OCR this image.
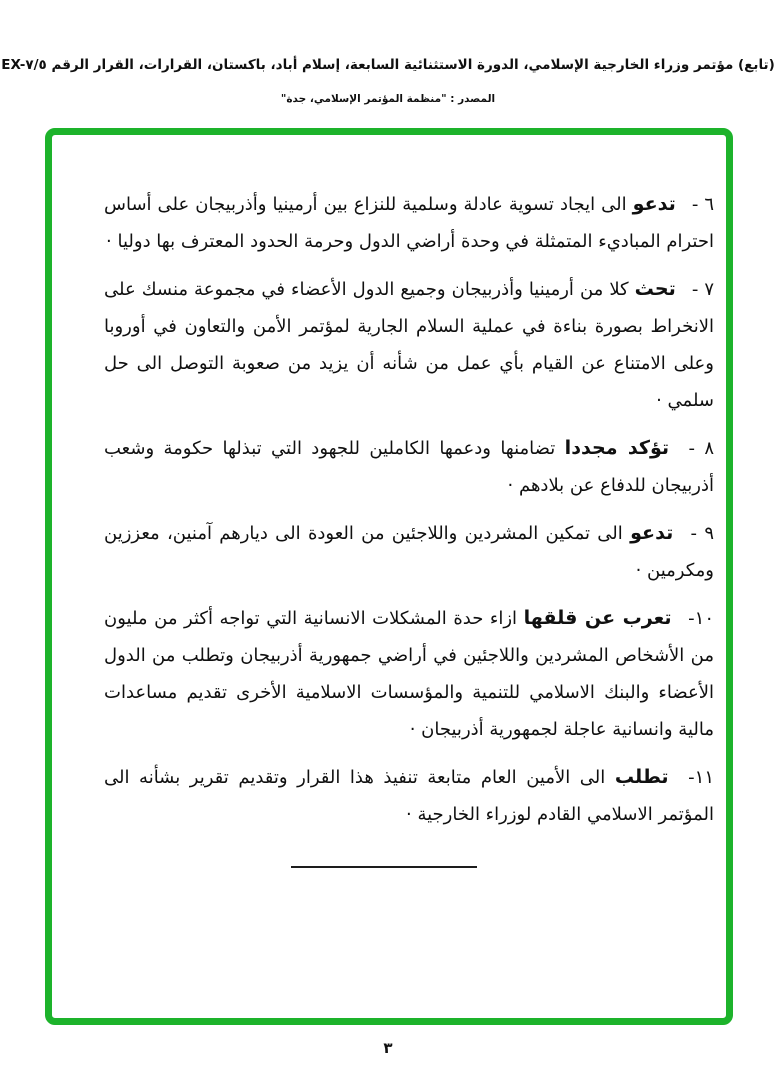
(تابع) مؤتمر وزراء الخارجية الإسلامي، الدورة الاستثنائية السابعة، إسلام أباد، باكستان، القرارات، القرار الرقم EX-٧/٥
المصدر : "منظمة المؤتمر الإسلامي، جدة"

٦ - تدعو الى ايجاد تسوية عادلة وسلمية للنزاع بين أرمينيا وأذربيجان على أساس احترام المباديء المتمثلة في وحدة أراضي الدول وحرمة الحدود المعترف بها دوليا ·

٧ - تحث كلا من أرمينيا وأذربيجان وجميع الدول الأعضاء في مجموعة منسك على الانخراط بصورة بناءة في عملية السلام الجارية لمؤتمر الأمن والتعاون في أوروبا وعلى الامتناع عن القيام بأي عمل من شأنه أن يزيد من صعوبة التوصل الى حل سلمي ·

٨ - تؤكد مجددا تضامنها ودعمها الكاملين للجهود التي تبذلها حكومة وشعب أذربيجان للدفاع عن بلادهم ·

٩ - تدعو الى تمكين المشردين واللاجئين من العودة الى ديارهم آمنين، معززين ومكرمين ·

١٠- تعرب عن قلقها ازاء حدة المشكلات الانسانية التي تواجه أكثر من مليون من الأشخاص المشردين واللاجئين في أراضي جمهورية أذربيجان وتطلب من الدول الأعضاء والبنك الاسلامي للتنمية والمؤسسات الاسلامية الأخرى تقديم مساعدات مالية وانسانية عاجلة لجمهورية أذربيجان ·

١١- تطلب الى الأمين العام متابعة تنفيذ هذا القرار وتقديم تقرير بشأنه الى المؤتمر الاسلامي القادم لوزراء الخارجية ·

٣
